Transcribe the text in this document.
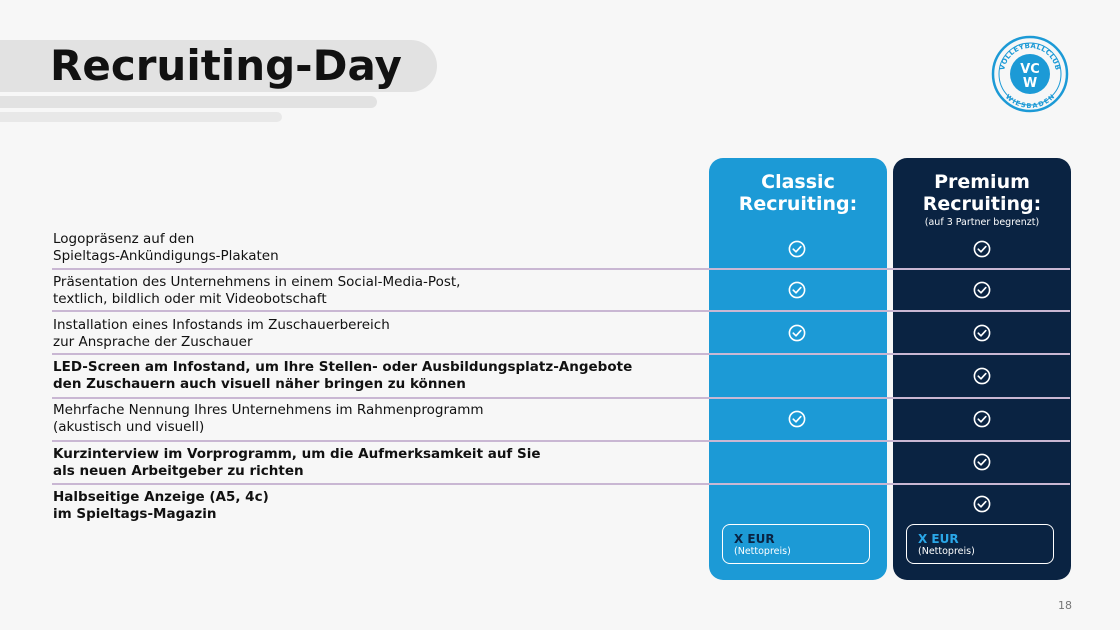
Recruiting-Day	VOLLEYBALLCLUB
WIESBADEN
VC
W
Classic
Recruiting:
Premium
Recruiting:
(auf 3 Partner begrenzt)
Logopräsenz auf den
Spieltags-Ankündigungs-Plakaten
Präsentation des Unternehmens in einem Social-Media-Post,
textlich, bildlich oder mit Videobotschaft
Installation eines Infostands im Zuschauerbereich
zur Ansprache der Zuschauer
LED-Screen am Infostand, um Ihre Stellen- oder Ausbildungsplatz-Angebote
den Zuschauern auch visuell näher bringen zu können
Mehrfache Nennung Ihres Unternehmens im Rahmenprogramm
(akustisch und visuell)
Kurzinterview im Vorprogramm, um die Aufmerksamkeit auf Sie
als neuen Arbeitgeber zu richten
Halbseitige Anzeige (A5, 4c)
im Spieltags-Magazin
X EUR
(Nettopreis)
X EUR
(Nettopreis)
18
